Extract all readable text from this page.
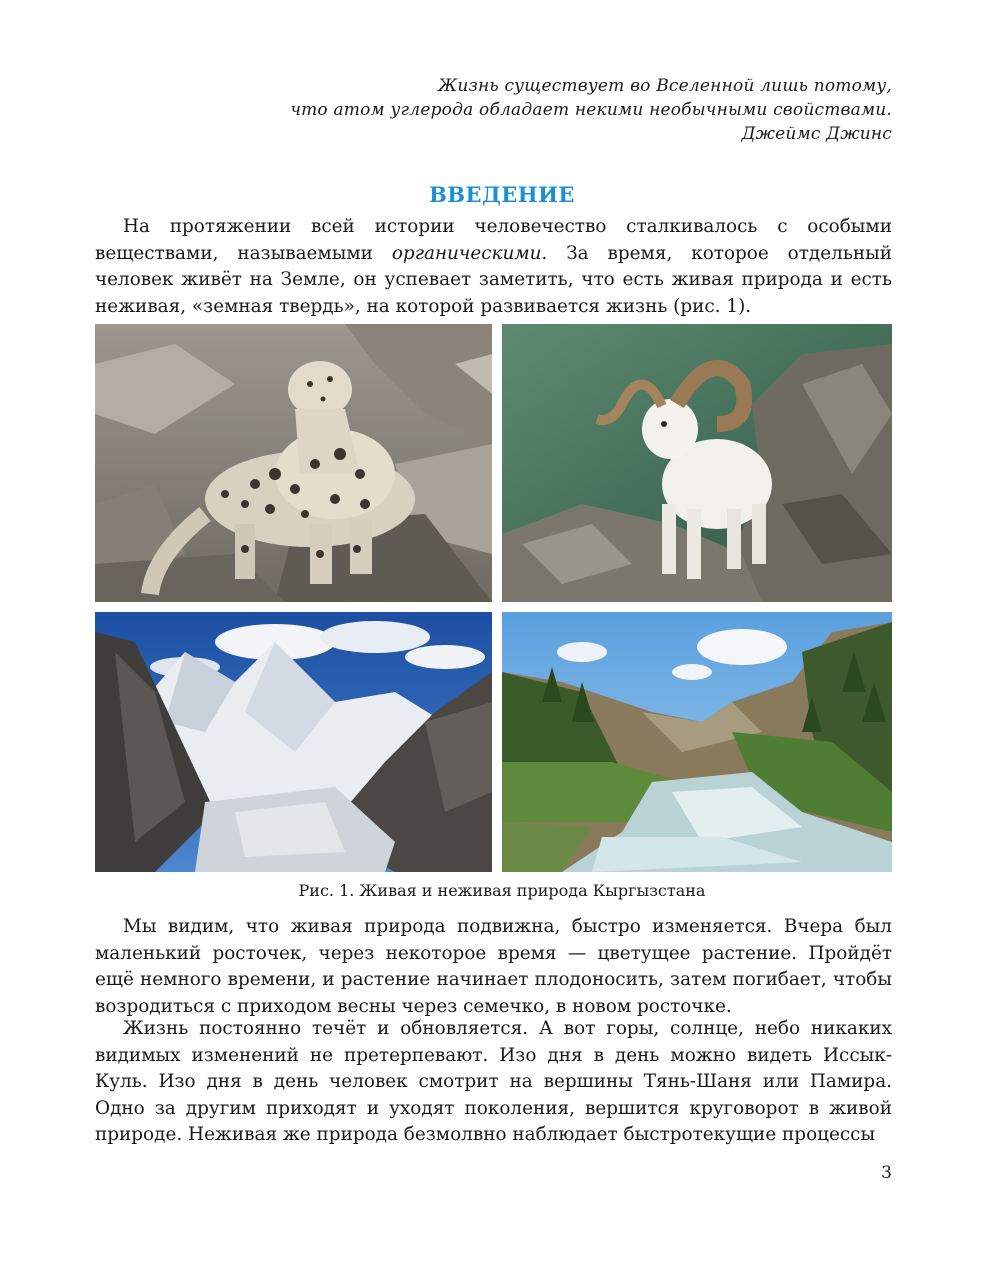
Жизнь существует во Вселенной лишь потому,
что атом углерода обладает некими необычными свойствами.
Джеймс Джинс
ВВЕДЕНИЕ

На протяжении всей истории человечество сталкивалось с особыми веществами, называемыми органическими. За время, которое отдельный человек живёт на Земле, он успевает заметить, что есть живая природа и есть неживая, «земная твердь», на которой развивается жизнь (рис. 1).

Рис. 1. Живая и неживая природа Кыргызстана

Мы видим, что живая природа подвижна, быстро изменяется. Вчера был маленький росточек, через некоторое время — цветущее растение. Пройдёт ещё немного времени, и растение начинает плодоносить, затем погибает, чтобы возродиться с приходом весны через семечко, в новом росточке.

Жизнь постоянно течёт и обновляется. А вот горы, солнце, небо никаких видимых изменений не претерпевают. Изо дня в день можно видеть Иссык-Куль. Изо дня в день человек смотрит на вершины Тянь-Шаня или Памира. Одно за другим приходят и уходят поколения, вершится круговорот в живой природе. Неживая же природа безмолвно наблюдает быстротекущие процессы

3
